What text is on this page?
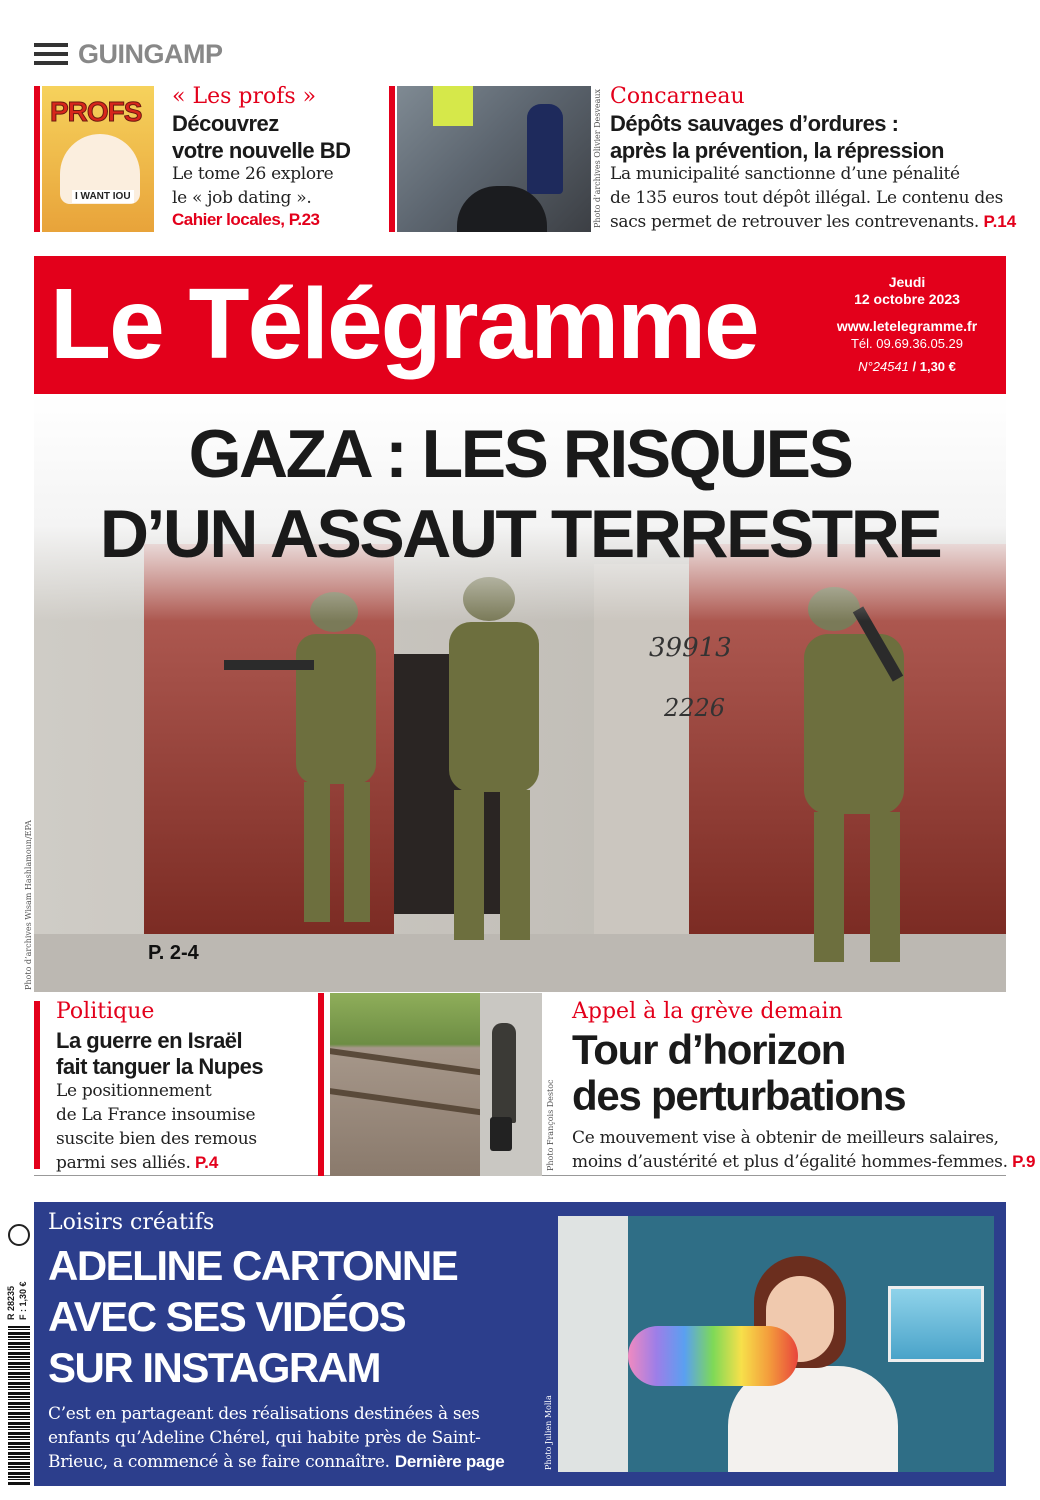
GUINGAMP
PROFS
I WANT IOU
« Les profs »
Découvrez
votre nouvelle BD
Le tome 26 explore
le « job dating ».
Cahier locales, P.23	Photo d’archives Olivier Desveaux Concarneau
Dépôts sauvages d’ordures :
après la prévention, la répression
La municipalité sanctionne d’une pénalité
de 135 euros tout dépôt illégal. Le contenu des
sacs permet de retrouver les contrevenants. P.14
Le Télégramme	Jeudi
12 octobre 2023
www.letelegramme.fr
Tél. 09.69.36.05.29
N°24541 / 1,30 €
GAZA : LES RISQUES
D’UN ASSAUT TERRESTRE
P. 2-4
Photo d’archives Wisam Hashlamoun/EPA
Politique
La guerre en Israël
fait tanguer la Nupes
Le positionnement
de La France insoumise
suscite bien des remous
parmi ses alliés. P.4	Photo François Destoc
Appel à la grève demain
Tour d’horizon
des perturbations
Ce mouvement vise à obtenir de meilleurs salaires,
moins d’austérité et plus d’égalité hommes-femmes. P.9
R 28235 F : 1,30 €
Loisirs créatifs
ADELINE CARTONNE
AVEC SES VIDÉOS
SUR INSTAGRAM
C’est en partageant des réalisations destinées à ses
enfants qu’Adeline Chérel, qui habite près de Saint-
Brieuc, a commencé à se faire connaître. Dernière page	Photo Julien Molla
